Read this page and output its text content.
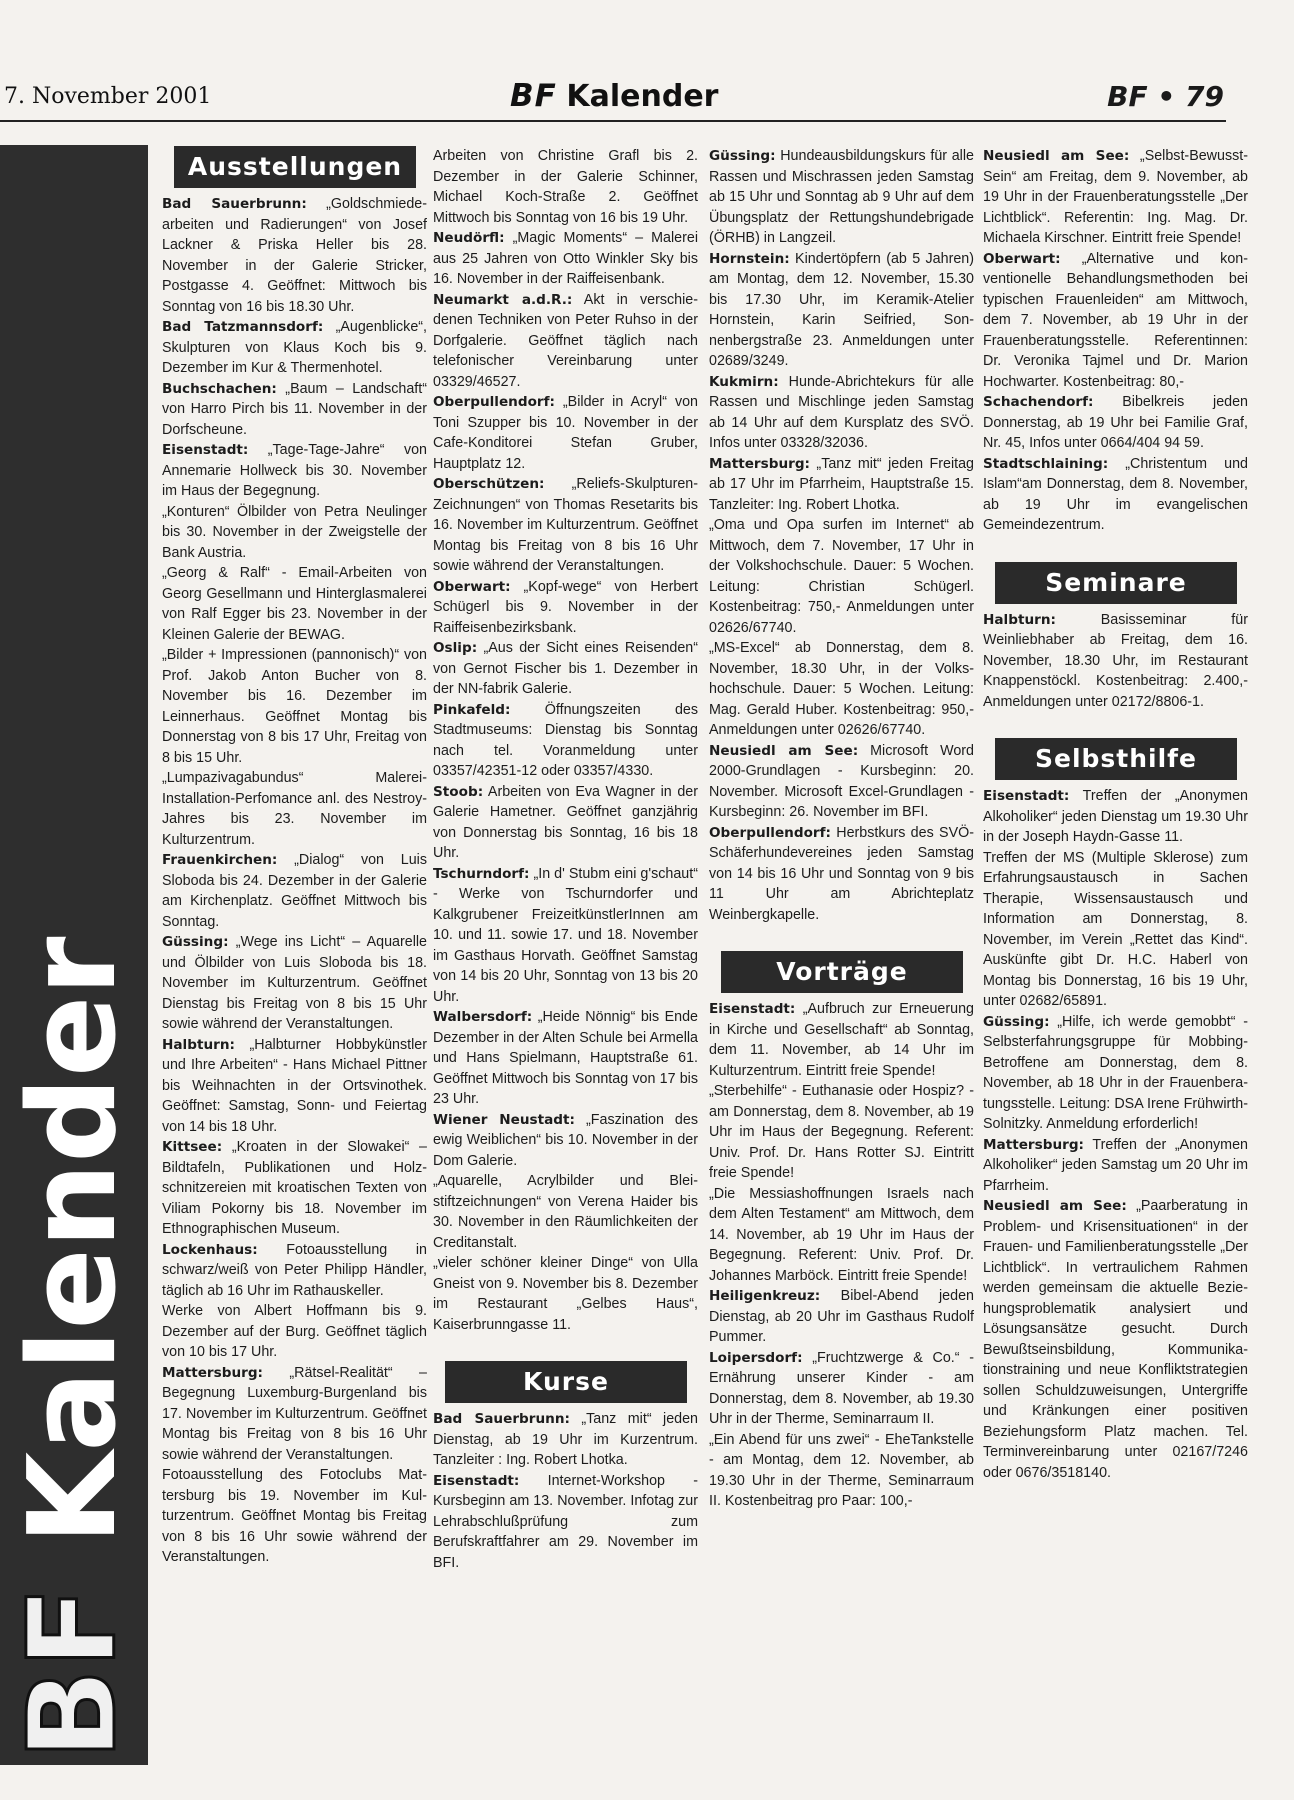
7. November 2001	BF Kalender	BF • 79
BF Kalender
Ausstellungen

Bad Sauerbrunn: „Goldschmiedearbeiten und Radierungen“ von Josef Lackner & Priska Heller bis 28. November in der Galerie Stricker, Postgasse 4. Geöffnet: Mittwoch bis Sonntag von 16 bis 18.30 Uhr.

Bad Tatzmannsdorf: „Augenblicke“, Skulpturen von Klaus Koch bis 9. Dezember im Kur & Thermenhotel.

Buchschachen: „Baum – Landschaft“ von Harro Pirch bis 11. November in der Dorfscheune.

Eisenstadt: „Tage-Tage-Jahre“ von Annemarie Hollweck bis 30. November im Haus der Begegnung.

„Konturen“ Ölbilder von Petra Neulinger bis 30. November in der Zweigstelle der Bank Austria.

„Georg & Ralf“ - Email-Arbeiten von Georg Gesellmann und Hinterglasmalerei von Ralf Egger bis 23. November in der Kleinen Galerie der BEWAG.

„Bilder + Impressionen (pannonisch)“ von Prof. Jakob Anton Bucher von 8. November bis 16. Dezember im Leinnerhaus. Geöffnet Montag bis Donnerstag von 8 bis 17 Uhr, Freitag von 8 bis 15 Uhr.

„Lumpazivagabundus“ Malerei-Installation-Perfomance anl. des Nestroy-Jahres bis 23. November im Kulturzentrum.

Frauenkirchen: „Dialog“ von Luis Sloboda bis 24. Dezember in der Galerie am Kirchenplatz. Geöffnet Mittwoch bis Sonntag.

Güssing: „Wege ins Licht“ – Aquarelle und Ölbilder von Luis Sloboda bis 18. November im Kulturzentrum. Geöffnet Dienstag bis Freitag von 8 bis 15 Uhr sowie während der Veranstaltungen.

Halbturn: „Halbturner Hobbykünstler und Ihre Arbeiten“ - Hans Michael Pittner bis Weihnachten in der Ortsvinothek. Geöffnet: Samstag, Sonn- und Feiertag von 14 bis 18 Uhr.

Kittsee: „Kroaten in der Slowakei“ – Bildtafeln, Publikationen und Holzschnitzereien mit kroatischen Texten von Viliam Pokorny bis 18. November im Ethnographischen Museum.

Lockenhaus: Fotoausstellung in schwarz/weiß von Peter Philipp Händler, täglich ab 16 Uhr im Rathauskeller.

Werke von Albert Hoffmann bis 9. Dezember auf der Burg. Geöffnet täglich von 10 bis 17 Uhr.

Mattersburg: „Rätsel-Realität“ – Begegnung Luxemburg-Burgenland bis 17. November im Kulturzentrum. Geöffnet Montag bis Freitag von 8 bis 16 Uhr sowie während der Veranstaltungen.

Fotoausstellung des Fotoclubs Mattersburg bis 19. November im Kulturzentrum. Geöffnet Montag bis Freitag von 8 bis 16 Uhr sowie während der Veranstaltungen.

Arbeiten von Christine Grafl bis 2. Dezember in der Galerie Schinner, Michael Koch-Straße 2. Geöffnet Mittwoch bis Sonntag von 16 bis 19 Uhr.

Neudörfl: „Magic Moments“ – Malerei aus 25 Jahren von Otto Winkler Sky bis 16. November in der Raiffeisenbank.

Neumarkt a.d.R.: Akt in verschiedenen Techniken von Peter Ruhso in der Dorfgalerie. Geöffnet täglich nach telefonischer Vereinbarung unter 03329/46527.

Oberpullendorf: „Bilder in Acryl“ von Toni Szupper bis 10. November in der Cafe-Konditorei Stefan Gruber, Hauptplatz 12.

Oberschützen: „Reliefs-Skulpturen-Zeichnungen“ von Thomas Resetarits bis 16. November im Kulturzentrum. Geöffnet Montag bis Freitag von 8 bis 16 Uhr sowie während der Veranstaltungen.

Oberwart: „Kopf-wege“ von Herbert Schügerl bis 9. November in der Raiffeisenbezirksbank.

Oslip: „Aus der Sicht eines Reisenden“ von Gernot Fischer bis 1. Dezember in der NN-fabrik Galerie.

Pinkafeld: Öffnungszeiten des Stadtmuseums: Dienstag bis Sonntag nach tel. Voranmeldung unter 03357/42351-12 oder 03357/4330.

Stoob: Arbeiten von Eva Wagner in der Galerie Hametner. Geöffnet ganzjährig von Donnerstag bis Sonntag, 16 bis 18 Uhr.

Tschurndorf: „In d' Stubm eini g'schaut“ - Werke von Tschurndorfer und Kalkgrubener FreizeitkünstlerInnen am 10. und 11. sowie 17. und 18. November im Gasthaus Horvath. Geöffnet Samstag von 14 bis 20 Uhr, Sonntag von 13 bis 20 Uhr.

Walbersdorf: „Heide Nönnig“ bis Ende Dezember in der Alten Schule bei Armella und Hans Spielmann, Hauptstraße 61. Geöffnet Mittwoch bis Sonntag von 17 bis 23 Uhr.

Wiener Neustadt: „Faszination des ewig Weiblichen“ bis 10. November in der Dom Galerie.

„Aquarelle, Acrylbilder und Bleistiftzeichnungen“ von Verena Haider bis 30. November in den Räumlichkeiten der Creditanstalt.

„vieler schöner kleiner Dinge“ von Ulla Gneist von 9. November bis 8. Dezember im Restaurant „Gelbes Haus“, Kaiserbrunngasse 11.

Kurse

Bad Sauerbrunn: „Tanz mit“ jeden Dienstag, ab 19 Uhr im Kurzentrum. Tanzleiter : Ing. Robert Lhotka.

Eisenstadt: Internet-Workshop - Kursbeginn am 13. November. Infotag zur Lehrabschlußprüfung zum Berufskraftfahrer am 29. November im BFI.

Güssing: Hundeausbildungskurs für alle Rassen und Mischrassen jeden Samstag ab 15 Uhr und Sonntag ab 9 Uhr auf dem Übungsplatz der Rettungshundebrigade (ÖRHB) in Langzeil.

Hornstein: Kindertöpfern (ab 5 Jahren) am Montag, dem 12. November, 15.30 bis 17.30 Uhr, im Keramik-Atelier Hornstein, Karin Seifried, Sonnenbergstraße 23. Anmeldungen unter 02689/3249.

Kukmirn: Hunde-Abrichtekurs für alle Rassen und Mischlinge jeden Samstag ab 14 Uhr auf dem Kursplatz des SVÖ. Infos unter 03328/32036.

Mattersburg: „Tanz mit“ jeden Freitag ab 17 Uhr im Pfarrheim, Hauptstraße 15. Tanzleiter: Ing. Robert Lhotka.

„Oma und Opa surfen im Internet“ ab Mittwoch, dem 7. November, 17 Uhr in der Volkshochschule. Dauer: 5 Wochen. Leitung: Christian Schügerl. Kostenbeitrag: 750,- Anmeldungen unter 02626/67740.

„MS-Excel“ ab Donnerstag, dem 8. November, 18.30 Uhr, in der Volkshochschule. Dauer: 5 Wochen. Leitung: Mag. Gerald Huber. Kostenbeitrag: 950,- Anmeldungen unter 02626/67740.

Neusiedl am See: Microsoft Word 2000-Grundlagen - Kursbeginn: 20. November. Microsoft Excel-Grundlagen - Kursbeginn: 26. November im BFI.

Oberpullendorf: Herbstkurs des SVÖ-Schäferhundevereines jeden Samstag von 14 bis 16 Uhr und Sonntag von 9 bis 11 Uhr am Abrichteplatz Weinbergkapelle.

Vorträge

Eisenstadt: „Aufbruch zur Erneuerung in Kirche und Gesellschaft“ ab Sonntag, dem 11. November, ab 14 Uhr im Kulturzentrum. Eintritt freie Spende!

„Sterbehilfe“ - Euthanasie oder Hospiz? - am Donnerstag, dem 8. November, ab 19 Uhr im Haus der Begegnung. Referent: Univ. Prof. Dr. Hans Rotter SJ. Eintritt freie Spende!

„Die Messiashoffnungen Israels nach dem Alten Testament“ am Mittwoch, dem 14. November, ab 19 Uhr im Haus der Begegnung. Referent: Univ. Prof. Dr. Johannes Marböck. Eintritt freie Spende!

Heiligenkreuz: Bibel-Abend jeden Dienstag, ab 20 Uhr im Gasthaus Rudolf Pummer.

Loipersdorf: „Fruchtzwerge & Co.“ - Ernährung unserer Kinder - am Donnerstag, dem 8. November, ab 19.30 Uhr in der Therme, Seminarraum II.

„Ein Abend für uns zwei“ - EheTankstelle - am Montag, dem 12. November, ab 19.30 Uhr in der Therme, Seminarraum II. Kostenbeitrag pro Paar: 100,-

Neusiedl am See: „Selbst-Bewusst-Sein“ am Freitag, dem 9. November, ab 19 Uhr in der Frauenberatungsstelle „Der Lichtblick“. Referentin: Ing. Mag. Dr. Michaela Kirschner. Eintritt freie Spende!

Oberwart: „Alternative und konventionelle Behandlungsmethoden bei typischen Frauenleiden“ am Mittwoch, dem 7. November, ab 19 Uhr in der Frauenberatungsstelle. Referentinnen: Dr. Veronika Tajmel und Dr. Marion Hochwarter. Kostenbeitrag: 80,-

Schachendorf: Bibelkreis jeden Donnerstag, ab 19 Uhr bei Familie Graf, Nr. 45, Infos unter 0664/404 94 59.

Stadtschlaining: „Christentum und Islam“am Donnerstag, dem 8. November, ab 19 Uhr im evangelischen Gemeindezentrum.

Seminare

Halbturn: Basisseminar für Weinliebhaber ab Freitag, dem 16. November, 18.30 Uhr, im Restaurant Knappenstöckl. Kostenbeitrag: 2.400,- Anmeldungen unter 02172/8806-1.

Selbsthilfe

Eisenstadt: Treffen der „Anonymen Alkoholiker“ jeden Dienstag um 19.30 Uhr in der Joseph Haydn-Gasse 11.

Treffen der MS (Multiple Sklerose) zum Erfahrungsaustausch in Sachen Therapie, Wissensaustausch und Information am Donnerstag, 8. November, im Verein „Rettet das Kind“. Auskünfte gibt Dr. H.C. Haberl von Montag bis Donnerstag, 16 bis 19 Uhr, unter 02682/65891.

Güssing: „Hilfe, ich werde gemobbt“ - Selbsterfahrungsgruppe für Mobbing-Betroffene am Donnerstag, dem 8. November, ab 18 Uhr in der Frauenberatungsstelle. Leitung: DSA Irene Frühwirth-Solnitzky. Anmeldung erforderlich!

Mattersburg: Treffen der „Anonymen Alkoholiker“ jeden Samstag um 20 Uhr im Pfarrheim.

Neusiedl am See: „Paarberatung in Problem- und Krisensituationen“ in der Frauen- und Familienberatungsstelle „Der Lichtblick“. In vertraulichem Rahmen werden gemeinsam die aktuelle Beziehungsproblematik analysiert und Lösungsansätze gesucht. Durch Bewußtseinsbildung, Kommunikationstraining und neue Konfliktstrategien sollen Schuldzuweisungen, Untergriffe und Kränkungen einer positiven Beziehungsform Platz machen. Tel. Terminvereinbarung unter 02167/7246 oder 0676/3518140.
